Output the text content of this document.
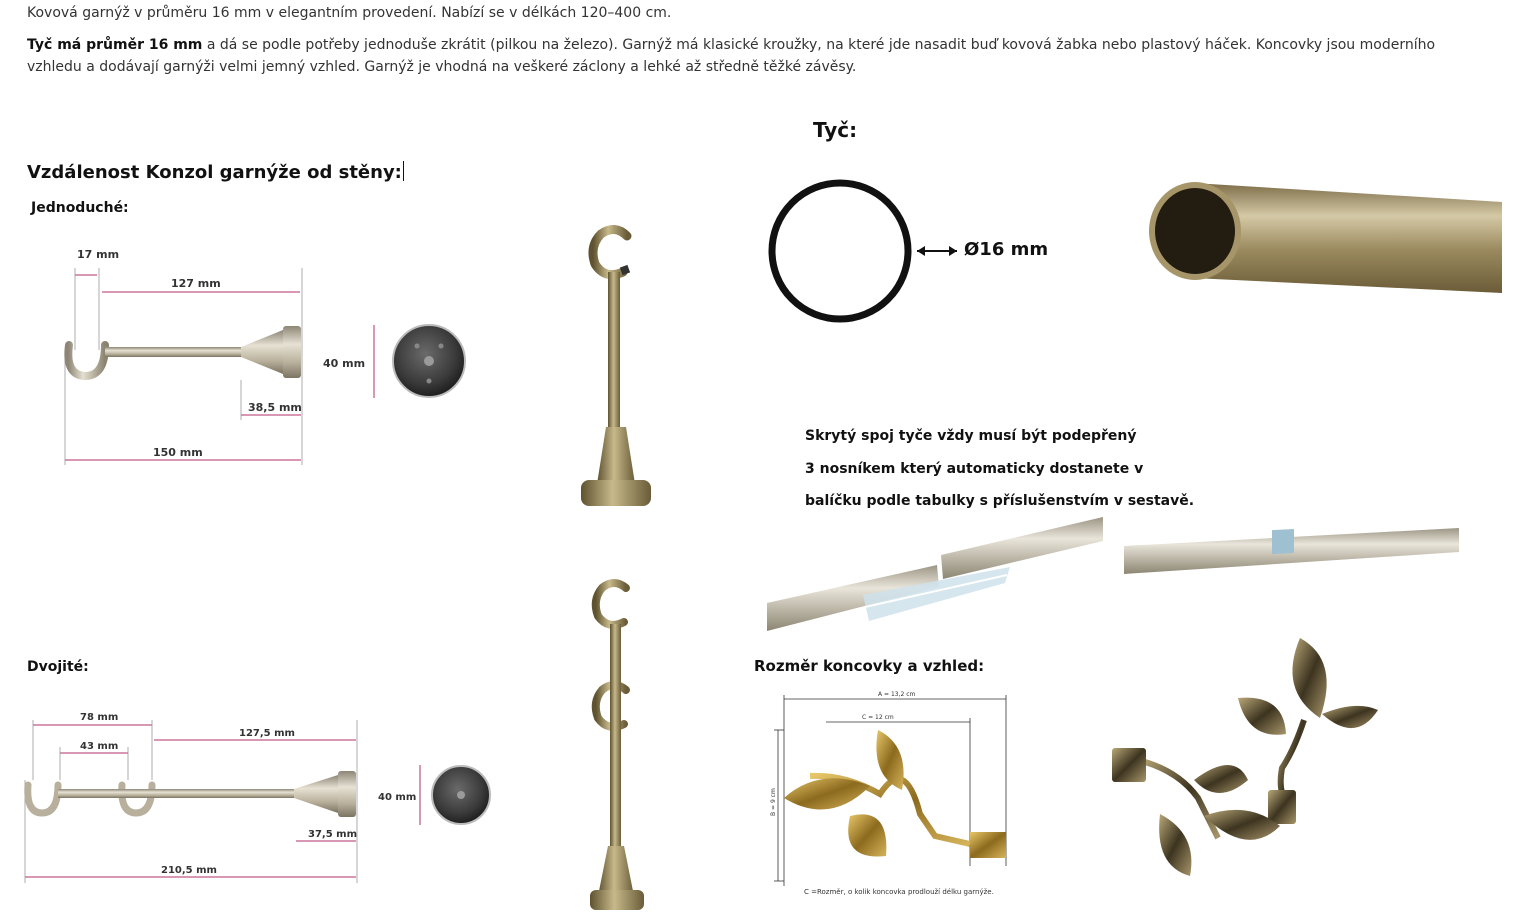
Kovová garnýž v průměru 16 mm v elegantním provedení. Nabízí se v délkách 120–400 cm.

Tyč má průměr 16 mm a dá se podle potřeby jednoduše zkrátit (pilkou na železo). Garnýž má klasické kroužky, na které jde nasadit buď kovová žabka nebo plastový háček. Koncovky jsou moderního vzhledu a dodávají garnýži velmi jemný vzhled. Garnýž je vhodná na veškeré záclony a lehké až středně těžké závěsy.

Tyč:
Vzdálenost Konzol garnýže od stěny:
Jednoduché:
Dvojité:	Rozměr koncovky a vzhled:
17 mm
127 mm
40 mm
38,5 mm
150 mm
78 mm
43 mm
127,5 mm
40 mm
37,5 mm
210,5 mm
Ø16 mm
Skrytý spoj tyče vždy musí být podepřený
3 nosníkem který automaticky dostanete v
balíčku podle tabulky s příslušenstvím v sestavě.
A = 13,2 cm
C = 12 cm
B = 9 cm
C =Rozměr, o kolik koncovka prodlouží délku garnýže.
